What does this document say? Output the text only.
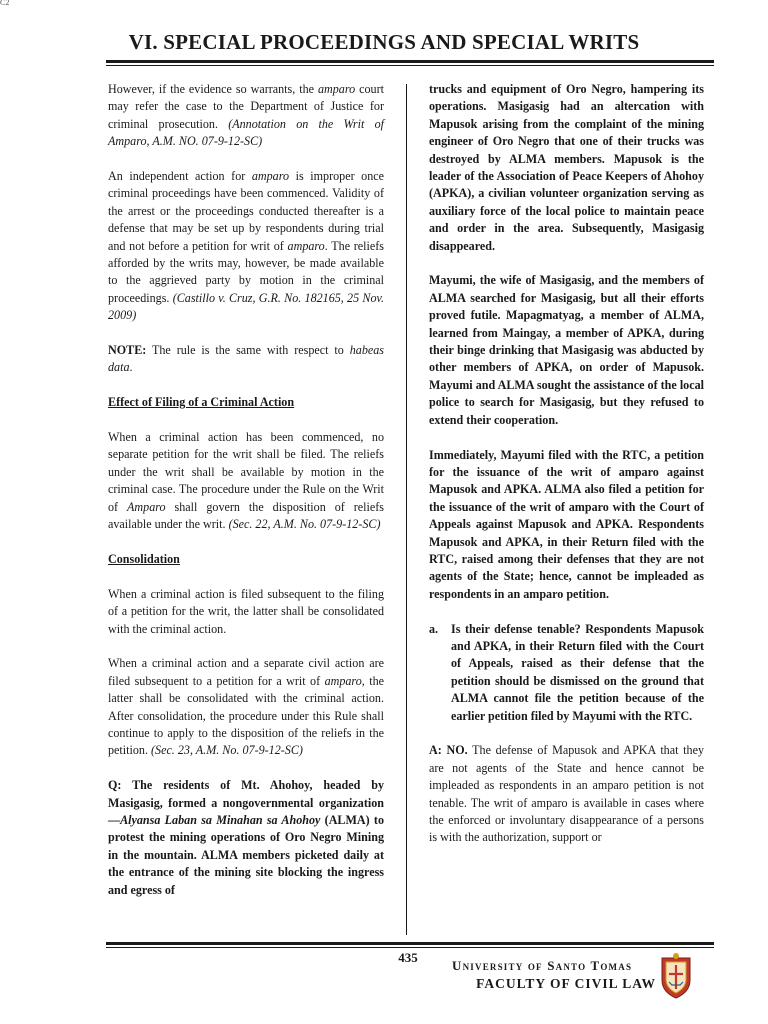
C2
VI. SPECIAL PROCEEDINGS AND SPECIAL WRITS

However, if the evidence so warrants, the amparo court may refer the case to the Department of Justice for criminal prosecution. (Annotation on the Writ of Amparo, A.M. NO. 07-9-12-SC)

An independent action for amparo is improper once criminal proceedings have been commenced. Validity of the arrest or the proceedings conducted thereafter is a defense that may be set up by respondents during trial and not before a petition for writ of amparo. The reliefs afforded by the writs may, however, be made available to the aggrieved party by motion in the criminal proceedings. (Castillo v. Cruz, G.R. No. 182165, 25 Nov. 2009)

NOTE: The rule is the same with respect to habeas data.

Effect of Filing of a Criminal Action

When a criminal action has been commenced, no separate petition for the writ shall be filed. The reliefs under the writ shall be available by motion in the criminal case. The procedure under the Rule on the Writ of Amparo shall govern the disposition of reliefs available under the writ. (Sec. 22, A.M. No. 07-9-12-SC)

Consolidation

When a criminal action is filed subsequent to the filing of a petition for the writ, the latter shall be consolidated with the criminal action.

When a criminal action and a separate civil action are filed subsequent to a petition for a writ of amparo, the latter shall be consolidated with the criminal action. After consolidation, the procedure under this Rule shall continue to apply to the disposition of the reliefs in the petition. (Sec. 23, A.M. No. 07-9-12-SC)

Q: The residents of Mt. Ahohoy, headed by Masigasig, formed a nongovernmental organization—Alyansa Laban sa Minahan sa Ahohoy (ALMA) to protest the mining operations of Oro Negro Mining in the mountain. ALMA members picketed daily at the entrance of the mining site blocking the ingress and egress of

trucks and equipment of Oro Negro, hampering its operations. Masigasig had an altercation with Mapusok arising from the complaint of the mining engineer of Oro Negro that one of their trucks was destroyed by ALMA members. Mapusok is the leader of the Association of Peace Keepers of Ahohoy (APKA), a civilian volunteer organization serving as auxiliary force of the local police to maintain peace and order in the area. Subsequently, Masigasig disappeared.

Mayumi, the wife of Masigasig, and the members of ALMA searched for Masigasig, but all their efforts proved futile. Mapagmatyag, a member of ALMA, learned from Maingay, a member of APKA, during their binge drinking that Masigasig was abducted by other members of APKA, on order of Mapusok. Mayumi and ALMA sought the assistance of the local police to search for Masigasig, but they refused to extend their cooperation.

Immediately, Mayumi filed with the RTC, a petition for the issuance of the writ of amparo against Mapusok and APKA. ALMA also filed a petition for the issuance of the writ of amparo with the Court of Appeals against Mapusok and APKA. Respondents Mapusok and APKA, in their Return filed with the RTC, raised among their defenses that they are not agents of the State; hence, cannot be impleaded as respondents in an amparo petition.

a.	Is their defense tenable? Respondents Mapusok and APKA, in their Return filed with the Court of Appeals, raised as their defense that the petition should be dismissed on the ground that ALMA cannot file the petition because of the earlier petition filed by Mayumi with the RTC.

A: NO. The defense of Mapusok and APKA that they are not agents of the State and hence cannot be impleaded as respondents in an amparo petition is not tenable. The writ of amparo is available in cases where the enforced or involuntary disappearance of a persons is with the authorization, support or

435
University of Santo Tomas
FACULTY OF CIVIL LAW
